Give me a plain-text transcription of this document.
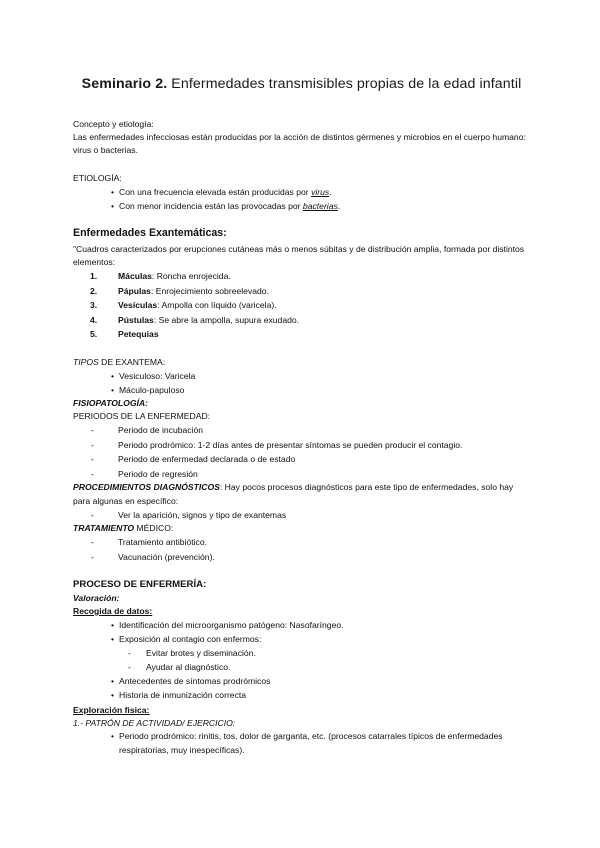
Seminario 2. Enfermedades transmisibles propias de la edad infantil

Concepto y etiología:

Las enfermedades infecciosas están producidas por la acción de distintos gérmenes y microbios en el cuerpo humano: virus o bacterias.

ETIOLOGÍA:

• Con una frecuencia elevada están producidas por virus.
• Con menor incidencia están las provocadas por bacterias.

Enfermedades Exantemáticas:

"Cuadros caracterizados por erupciones cutáneas más o menos súbitas y de distribución amplia, formada por distintos elementos:

1. Máculas: Roncha enrojecida.
2. Pápulas: Enrojecimiento sobreelevado.
3. Vesículas: Ampolla con líquido (varicela).
4. Pústulas: Se abre la ampolla, supura exudado.
5. Petequias

TIPOS DE EXANTEMA:

• Vesiculoso: Varicela
• Máculo-papuloso

FISIOPATOLOGÍA:

PERIODOS DE LA ENFERMEDAD:

- Periodo de incubación
- Periodo prodrómico: 1-2 días antes de presentar síntomas se pueden producir el contagio.
- Periodo de enfermedad declarada o de estado
- Periodo de regresión

PROCEDIMIENTOS DIAGNÓSTICOS: Hay pocos procesos diagnósticos para este tipo de enfermedades, solo hay para algunas en específico:

- Ver la aparición, signos y tipo de exantemas

TRATAMIENTO MÉDICO:

- Tratamiento antibiótico.
- Vacunación (prevención).

PROCESO DE ENFERMERÍA:

Valoración:

Recogida de datos:

• Identificación del microorganismo patógeno: Nasofaríngeo.
• Exposición al contagio con enfermos:
- Evitar brotes y diseminación.
- Ayudar al diagnóstico.
• Antecedentes de síntomas prodrómicos
• Historia de inmunización correcta

Exploración física:

1.- PATRÓN DE ACTIVIDAD/ EJERCICIO:

• Periodo prodrómico: rinitis, tos, dolor de garganta, etc. (procesos catarrales típicos de enfermedades respiratorias, muy inespecíficas).
